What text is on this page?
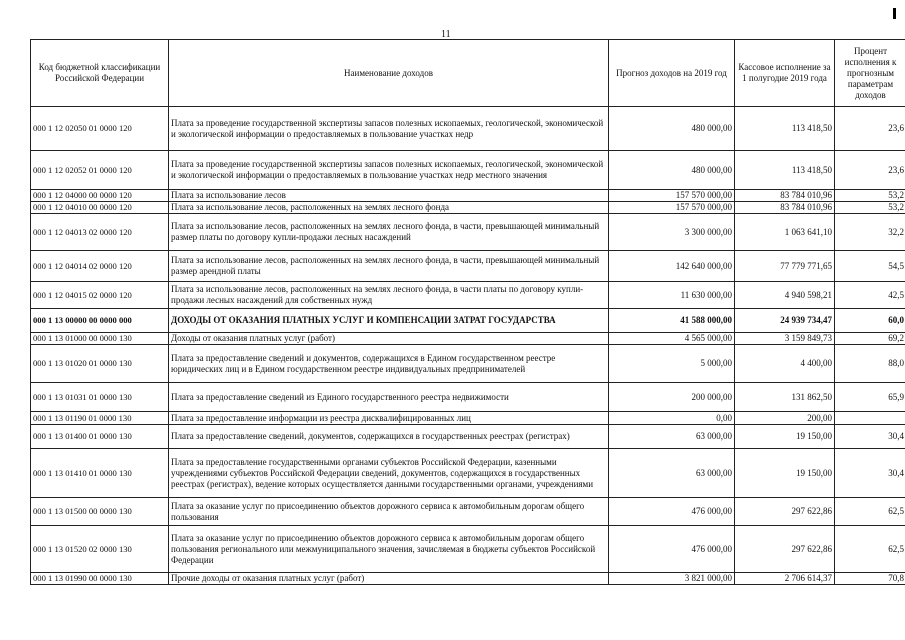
11
Код бюджетной классификации Российской Федерации	Наименование доходов	Прогноз доходов на 2019 год	Кассовое исполнение за 1 полугодие 2019 года	Процент исполнения к прогнозным параметрам доходов
000 1 12 02050 01 0000 120	Плата за проведение государственной экспертизы запасов полезных ископаемых, геологической, экономической и экологической информации о предоставляемых в пользование участках недр	480 000,00	113 418,50	23,6
000 1 12 02052 01 0000 120	Плата за проведение государственной экспертизы запасов полезных ископаемых, геологической, экономической и экологической информации о предоставляемых в пользование участках недр местного значения	480 000,00	113 418,50	23,6
000 1 12 04000 00 0000 120	Плата за использование лесов	157 570 000,00	83 784 010,96	53,2
000 1 12 04010 00 0000 120	Плата за использование лесов, расположенных на землях лесного фонда	157 570 000,00	83 784 010,96	53,2
000 1 12 04013 02 0000 120	Плата за использование лесов, расположенных на землях лесного фонда, в части, превышающей минимальный размер платы по договору купли-продажи лесных насаждений	3 300 000,00	1 063 641,10	32,2
000 1 12 04014 02 0000 120	Плата за использование лесов, расположенных на землях лесного фонда, в части, превышающей минимальный размер арендной платы	142 640 000,00	77 779 771,65	54,5
000 1 12 04015 02 0000 120	Плата за использование лесов, расположенных на землях лесного фонда, в части платы по договору купли-продажи лесных насаждений для собственных нужд	11 630 000,00	4 940 598,21	42,5
000 1 13 00000 00 0000 000	ДОХОДЫ ОТ ОКАЗАНИЯ ПЛАТНЫХ УСЛУГ И КОМПЕНСАЦИИ ЗАТРАТ ГОСУДАРСТВА	41 588 000,00	24 939 734,47	60,0
000 1 13 01000 00 0000 130	Доходы от оказания платных услуг (работ)	4 565 000,00	3 159 849,73	69,2
000 1 13 01020 01 0000 130	Плата за предоставление сведений и документов, содержащихся в Едином государственном реестре юридических лиц и в Едином государственном реестре индивидуальных предпринимателей	5 000,00	4 400,00	88,0
000 1 13 01031 01 0000 130	Плата за предоставление сведений из Единого государственного реестра недвижимости	200 000,00	131 862,50	65,9
000 1 13 01190 01 0000 130	Плата за предоставление информации из реестра дисквалифицированных лиц	0,00	200,00	
000 1 13 01400 01 0000 130	Плата за предоставление сведений, документов, содержащихся в государственных реестрах (регистрах)	63 000,00	19 150,00	30,4
000 1 13 01410 01 0000 130	Плата за предоставление государственными органами субъектов Российской Федерации, казенными учреждениями субъектов Российской Федерации сведений, документов, содержащихся в государственных реестрах (регистрах), ведение которых осуществляется данными государственными органами, учреждениями	63 000,00	19 150,00	30,4
000 1 13 01500 00 0000 130	Плата за оказание услуг по присоединению объектов дорожного сервиса к автомобильным дорогам общего пользования	476 000,00	297 622,86	62,5
000 1 13 01520 02 0000 130	Плата за оказание услуг по присоединению объектов дорожного сервиса к автомобильным дорогам общего пользования регионального или межмуниципального значения, зачисляемая в бюджеты субъектов Российской Федерации	476 000,00	297 622,86	62,5
000 1 13 01990 00 0000 130	Прочие доходы от оказания платных услуг (работ)	3 821 000,00	2 706 614,37	70,8
